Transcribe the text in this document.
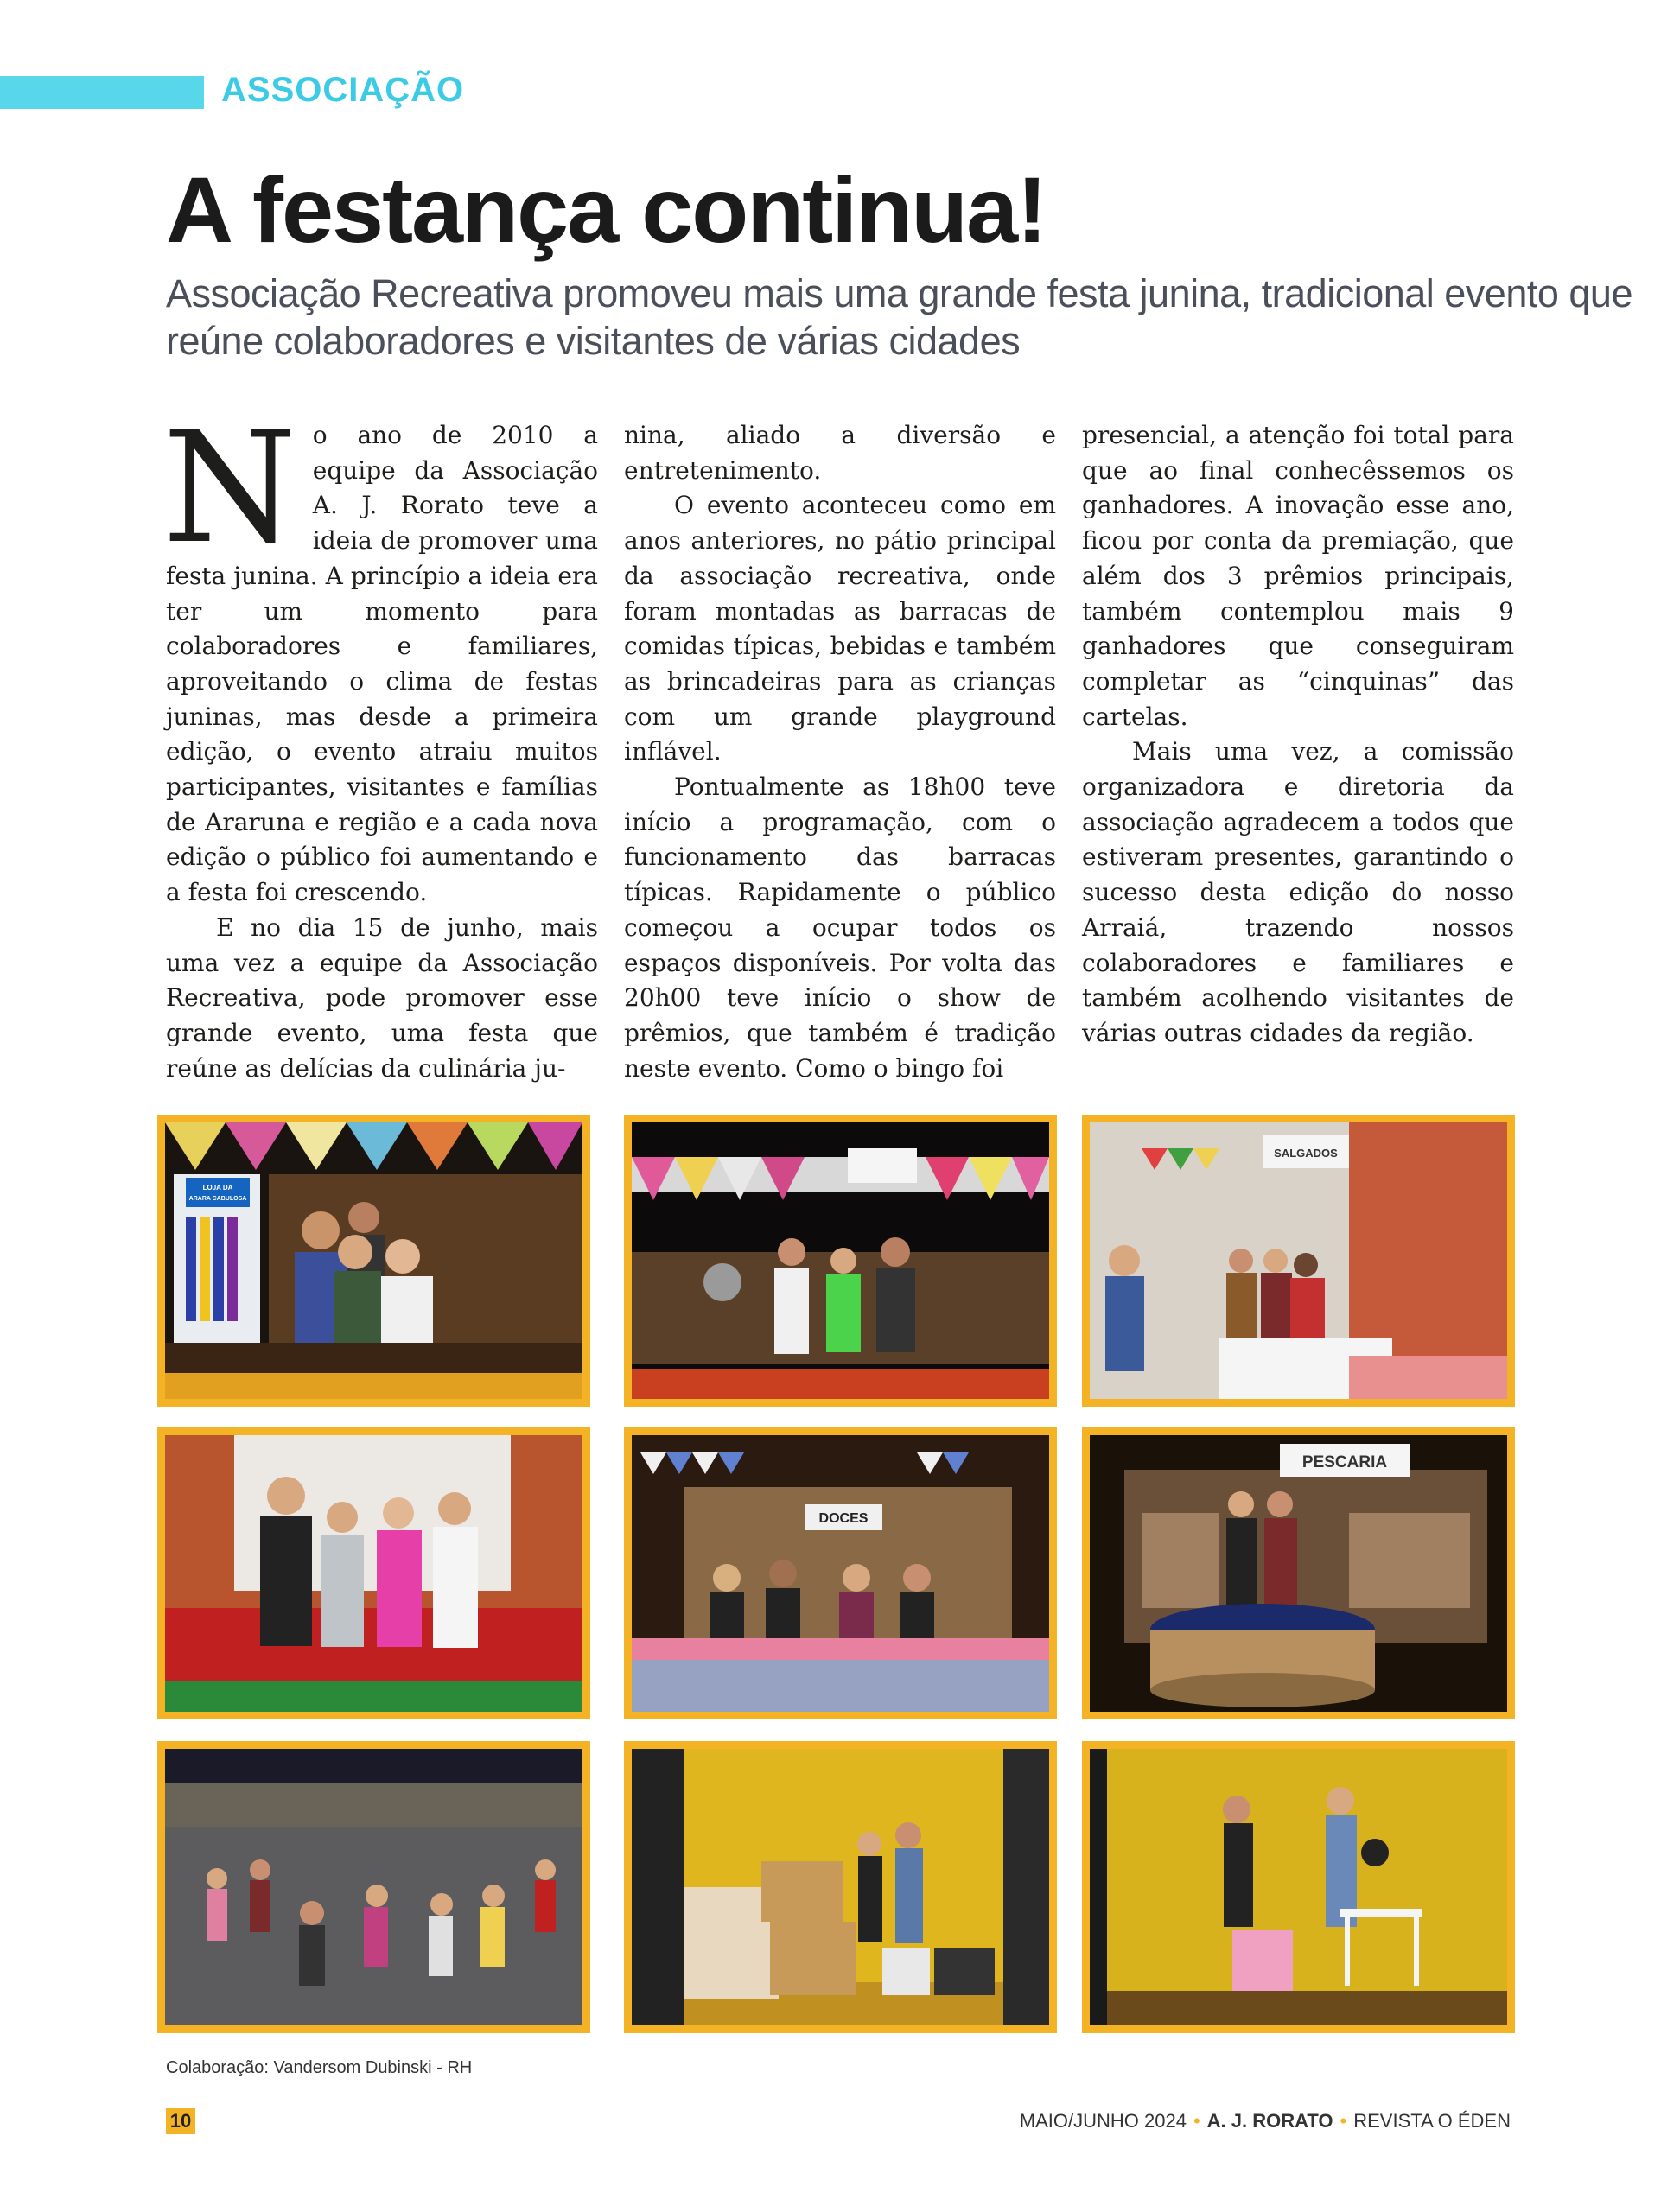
ASSOCIAÇÃO
A festança continua!
Associação Recreativa promoveu mais uma grande festa junina, tradicional evento que reúne colaboradores e visitantes de várias cidades

No ano de 2010 a equipe da Associação A. J. Rorato teve a ideia de promover uma festa junina. A princípio a ideia era ter um momento para colaboradores e familiares, aproveitando o clima de festas juninas, mas desde a primeira edição, o evento atraiu muitos participantes, visitantes e famílias de Araruna e região e a cada nova edição o público foi aumentando e a festa foi crescendo.

E no dia 15 de junho, mais uma vez a equipe da Associação Recreativa, pode promover esse grande evento, uma festa que reúne as delícias da culinária ju-

nina, aliado a diversão e entretenimento.

O evento aconteceu como em anos anteriores, no pátio principal da associação recreativa, onde foram montadas as barracas de comidas típicas, bebidas e também as brincadeiras para as crianças com um grande playground inflável.

Pontualmente as 18h00 teve início a programação, com o funcionamento das barracas típicas. Rapidamente o público começou a ocupar todos os espaços disponíveis. Por volta das 20h00 teve início o show de prêmios, que também é tradição neste evento. Como o bingo foi

presencial, a atenção foi total para que ao final conhecêssemos os ganhadores. A inovação esse ano, ficou por conta da premiação, que além dos 3 prêmios principais, também contemplou mais 9 ganhadores que conseguiram completar as “cinquinas” das cartelas.

Mais uma vez, a comissão organizadora e diretoria da associação agradecem a todos que estiveram presentes, garantindo o sucesso desta edição do nosso Arraiá, trazendo nossos colaboradores e familiares e também acolhendo visitantes de várias outras cidades da região.

LOJA DA
ARARA CABULOSA
SALGADOS
DOCES
PESCARIA
Colaboração: Vandersom Dubinski - RH
10	MAIO/JUNHO 2024 • A. J. RORATO • REVISTA O ÉDEN
